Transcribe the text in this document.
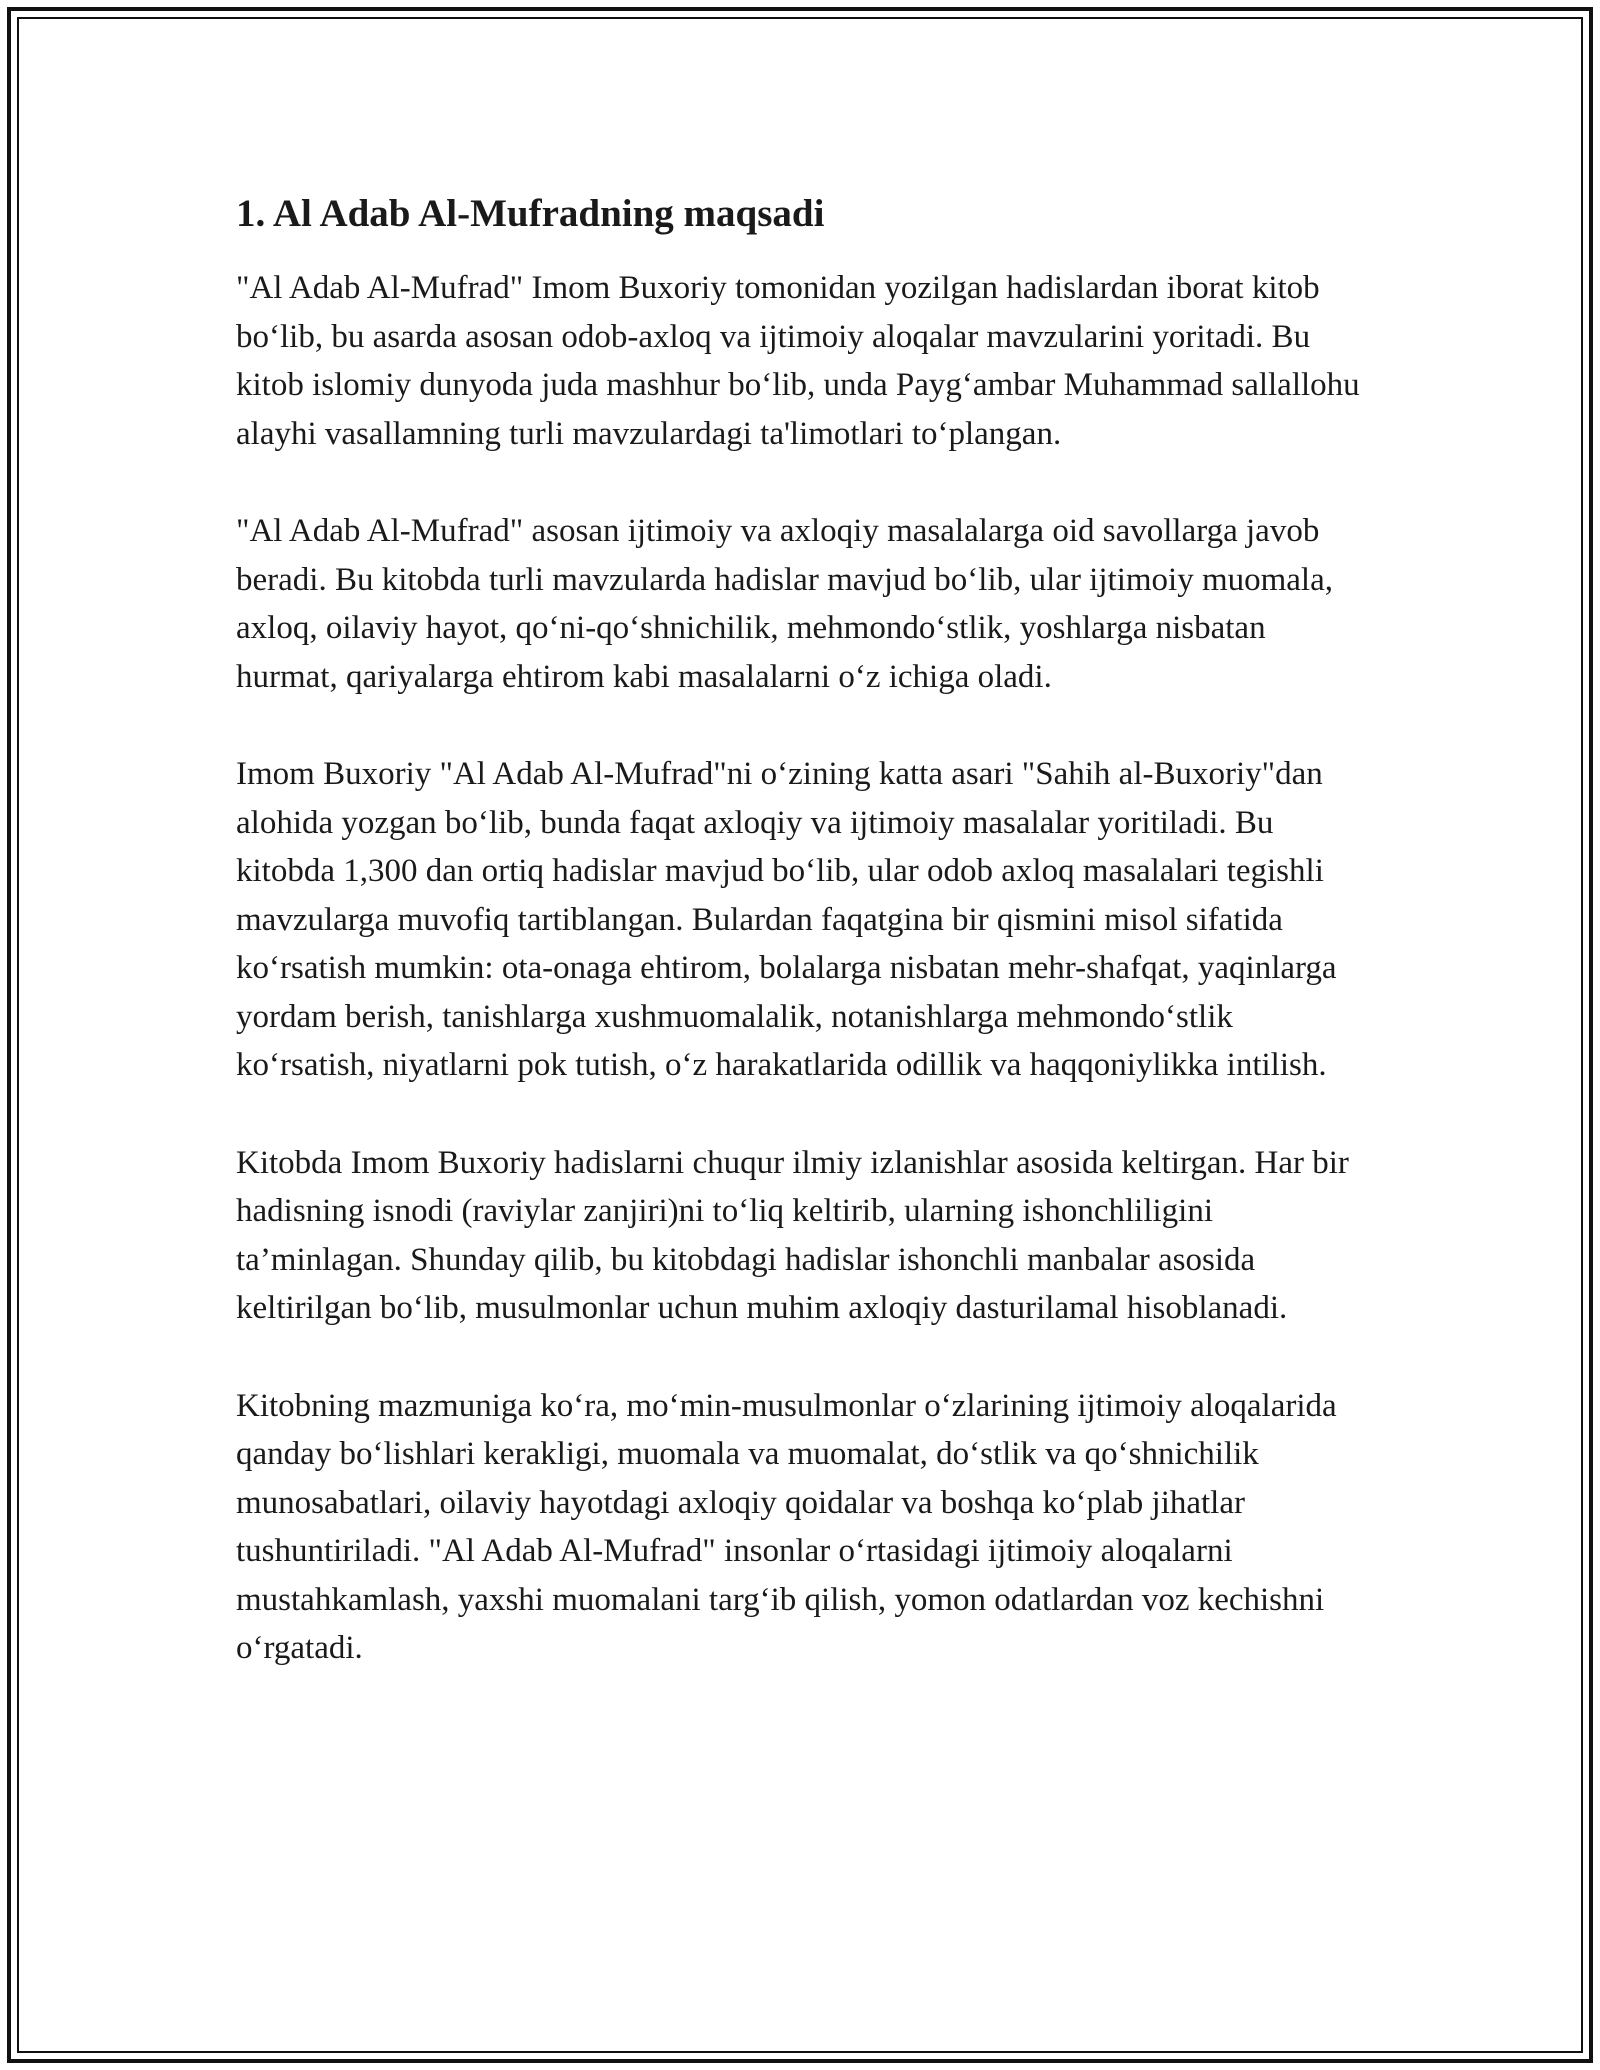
1. Al Adab Al-Mufradning maqsadi

"Al Adab Al-Mufrad" Imom Buxoriy tomonidan yozilgan hadislardan iborat kitob bo‘lib, bu asarda asosan odob-axloq va ijtimoiy aloqalar mavzularini yoritadi. Bu kitob islomiy dunyoda juda mashhur bo‘lib, unda Payg‘ambar Muhammad sallallohu alayhi vasallamning turli mavzulardagi ta'limotlari to‘plangan.

"Al Adab Al-Mufrad" asosan ijtimoiy va axloqiy masalalarga oid savollarga javob beradi. Bu kitobda turli mavzularda hadislar mavjud bo‘lib, ular ijtimoiy muomala, axloq, oilaviy hayot, qo‘ni-qo‘shnichilik, mehmondo‘stlik, yoshlarga nisbatan hurmat, qariyalarga ehtirom kabi masalalarni o‘z ichiga oladi.

Imom Buxoriy "Al Adab Al-Mufrad"ni o‘zining katta asari "Sahih al-Buxoriy"dan alohida yozgan bo‘lib, bunda faqat axloqiy va ijtimoiy masalalar yoritiladi. Bu kitobda 1,300 dan ortiq hadislar mavjud bo‘lib, ular odob axloq masalalari tegishli mavzularga muvofiq tartiblangan. Bulardan faqatgina bir qismini misol sifatida ko‘rsatish mumkin: ota-onaga ehtirom, bolalarga nisbatan mehr-shafqat, yaqinlarga yordam berish, tanishlarga xushmuomalalik, notanishlarga mehmondo‘stlik ko‘rsatish, niyatlarni pok tutish, o‘z harakatlarida odillik va haqqoniylikka intilish.

Kitobda Imom Buxoriy hadislarni chuqur ilmiy izlanishlar asosida keltirgan. Har bir hadisning isnodi (raviylar zanjiri)ni to‘liq keltirib, ularning ishonchliligini ta’minlagan. Shunday qilib, bu kitobdagi hadislar ishonchli manbalar asosida keltirilgan bo‘lib, musulmonlar uchun muhim axloqiy dasturilamal hisoblanadi.

Kitobning mazmuniga ko‘ra, mo‘min-musulmonlar o‘zlarining ijtimoiy aloqalarida qanday bo‘lishlari kerakligi, muomala va muomalat, do‘stlik va qo‘shnichilik munosabatlari, oilaviy hayotdagi axloqiy qoidalar va boshqa ko‘plab jihatlar tushuntiriladi. "Al Adab Al-Mufrad" insonlar o‘rtasidagi ijtimoiy aloqalarni mustahkamlash, yaxshi muomalani targ‘ib qilish, yomon odatlardan voz kechishni o‘rgatadi.
